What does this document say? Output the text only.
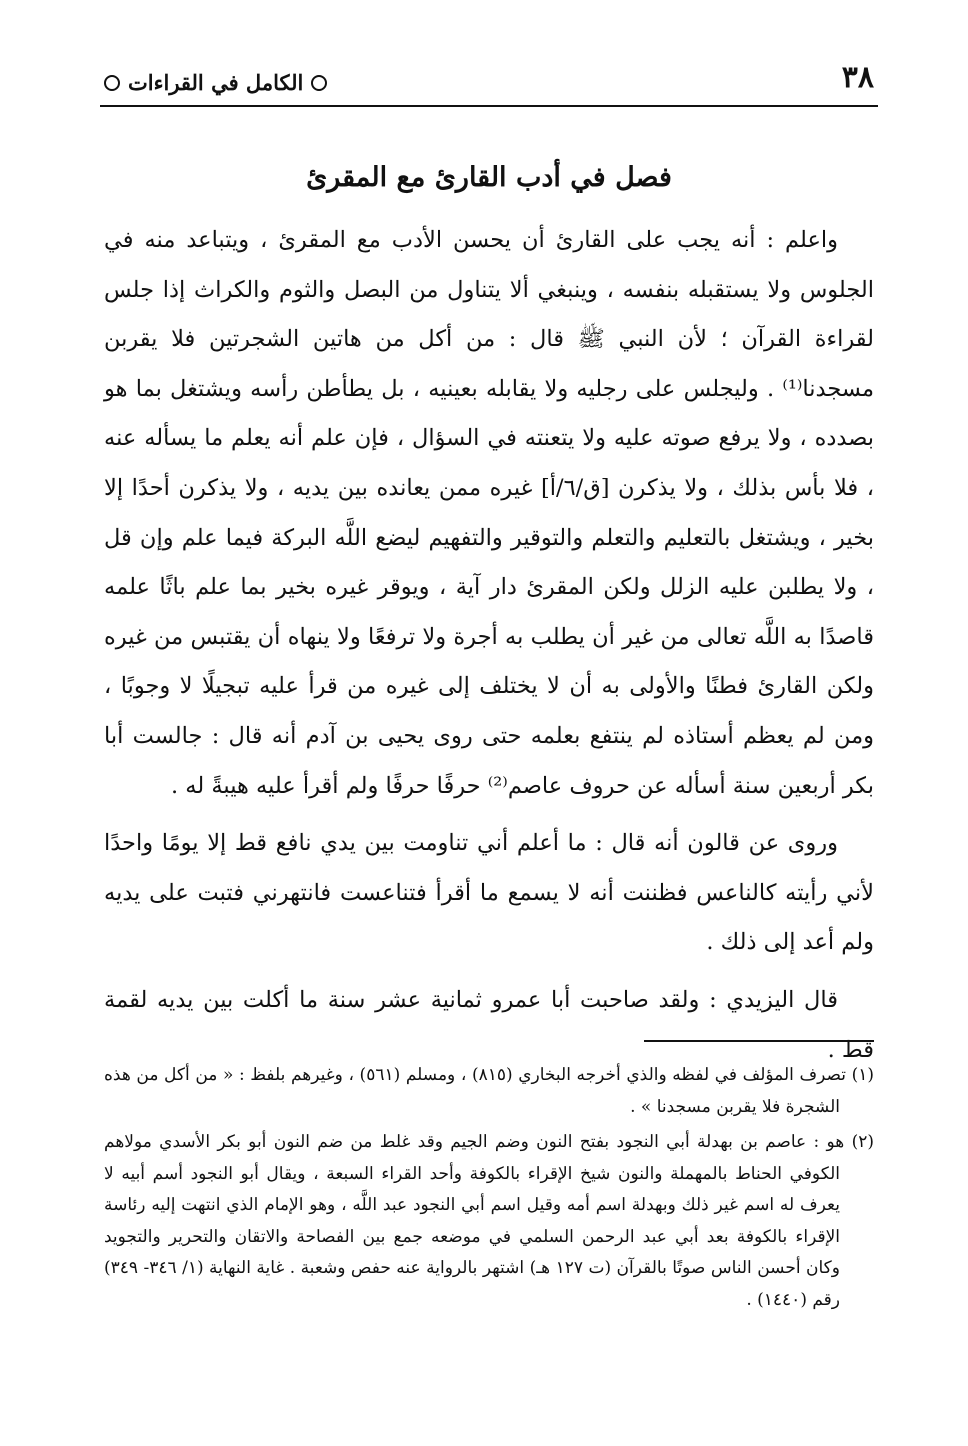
٣٨
الكامل في القراءات
فصل في أدب القارئ مع المقرئ

واعلم : أنه يجب على القارئ أن يحسن الأدب مع المقرئ ، ويتباعد منه في الجلوس ولا يستقبله بنفسه ، وينبغي ألا يتناول من البصل والثوم والكراث إذا جلس لقراءة القرآن ؛ لأن النبي ﷺ قال : من أكل من هاتين الشجرتين فلا يقربن مسجدنا⁽¹⁾ . وليجلس على رجليه ولا يقابله بعينيه ، بل يطأطن رأسه ويشتغل بما هو بصدده ، ولا يرفع صوته عليه ولا يتعنته في السؤال ، فإن علم أنه يعلم ما يسأله عنه ، فلا بأس بذلك ، ولا يذكرن [ق/٦/أ] غيره ممن يعانده بين يديه ، ولا يذكرن أحدًا إلا بخير ، ويشتغل بالتعليم والتعلم والتوقير والتفهيم ليضع اللَّه البركة فيما علم وإن قل ، ولا يطلبن عليه الزلل ولكن المقرئ دار آية ، ويوقر غيره بخير بما علم باثًا علمه قاصدًا به اللَّه تعالى من غير أن يطلب به أجرة ولا ترفعًا ولا ينهاه أن يقتبس من غيره ولكن القارئ فطنًا والأولى به أن لا يختلف إلى غيره من قرأ عليه تبجيلًا لا وجوبًا ، ومن لم يعظم أستاذه لم ينتفع بعلمه حتى روى يحيى بن آدم أنه قال : جالست أبا بكر أربعين سنة أسأله عن حروف عاصم⁽²⁾ حرفًا حرفًا ولم أقرأ عليه هيبةً له .

وروى عن قالون أنه قال : ما أعلم أني تناومت بين يدي نافع قط إلا يومًا واحدًا لأني رأيته كالناعس فظننت أنه لا يسمع ما أقرأ فتناعست فانتهرني فتبت على يديه ولم أعد إلى ذلك .

قال اليزيدي : ولقد صاحبت أبا عمرو ثمانية عشر سنة ما أكلت بين يديه لقمة قط .

(١) تصرف المؤلف في لفظه والذي أخرجه البخاري (٨١٥) ، ومسلم (٥٦١) ، وغيرهم بلفظ : « من أكل من هذه الشجرة فلا يقربن مسجدنا » .

(٢) هو : عاصم بن بهدلة أبي النجود بفتح النون وضم الجيم وقد غلط من ضم النون أبو بكر الأسدي مولاهم الكوفي الحناط بالمهملة والنون شيخ الإقراء بالكوفة وأحد القراء السبعة ، ويقال أبو النجود أسم أبيه لا يعرف له اسم غير ذلك وبهدلة اسم أمه وقيل اسم أبي النجود عبد اللَّه ، وهو الإمام الذي انتهت إليه رئاسة الإقراء بالكوفة بعد أبي عبد الرحمن السلمي في موضعه جمع بين الفصاحة والاتقان والتحرير والتجويد وكان أحسن الناس صوتًا بالقرآن (ت ١٢٧ هـ) اشتهر بالرواية عنه حفص وشعبة . غاية النهاية (١/ ٣٤٦- ٣٤٩) رقم (١٤٤٠) .
